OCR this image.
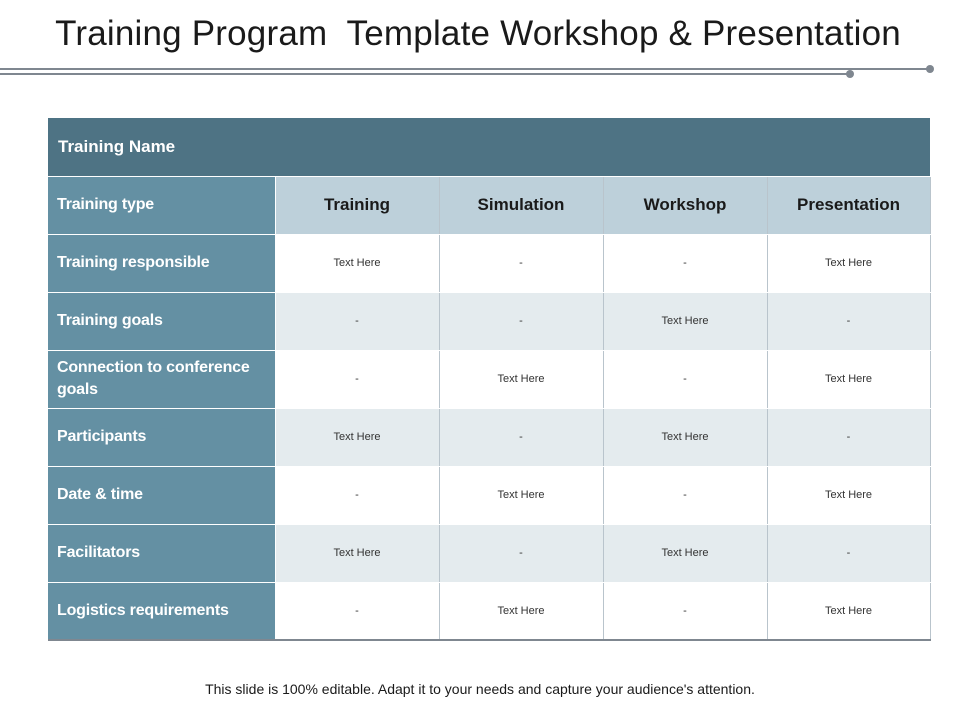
Training Program  Template Workshop & Presentation
Training Name				
Training type	Training	Simulation	Workshop	Presentation
Training responsible	Text Here	-	-	Text Here
Training goals	-	-	Text Here	-
Connection to conference goals	-	Text Here	-	Text Here
Participants	Text Here	-	Text Here	-
Date & time	-	Text Here	-	Text Here
Facilitators	Text Here	-	Text Here	-
Logistics requirements	-	Text Here	-	Text Here
This slide is 100% editable. Adapt it to your needs and capture your audience's attention.
